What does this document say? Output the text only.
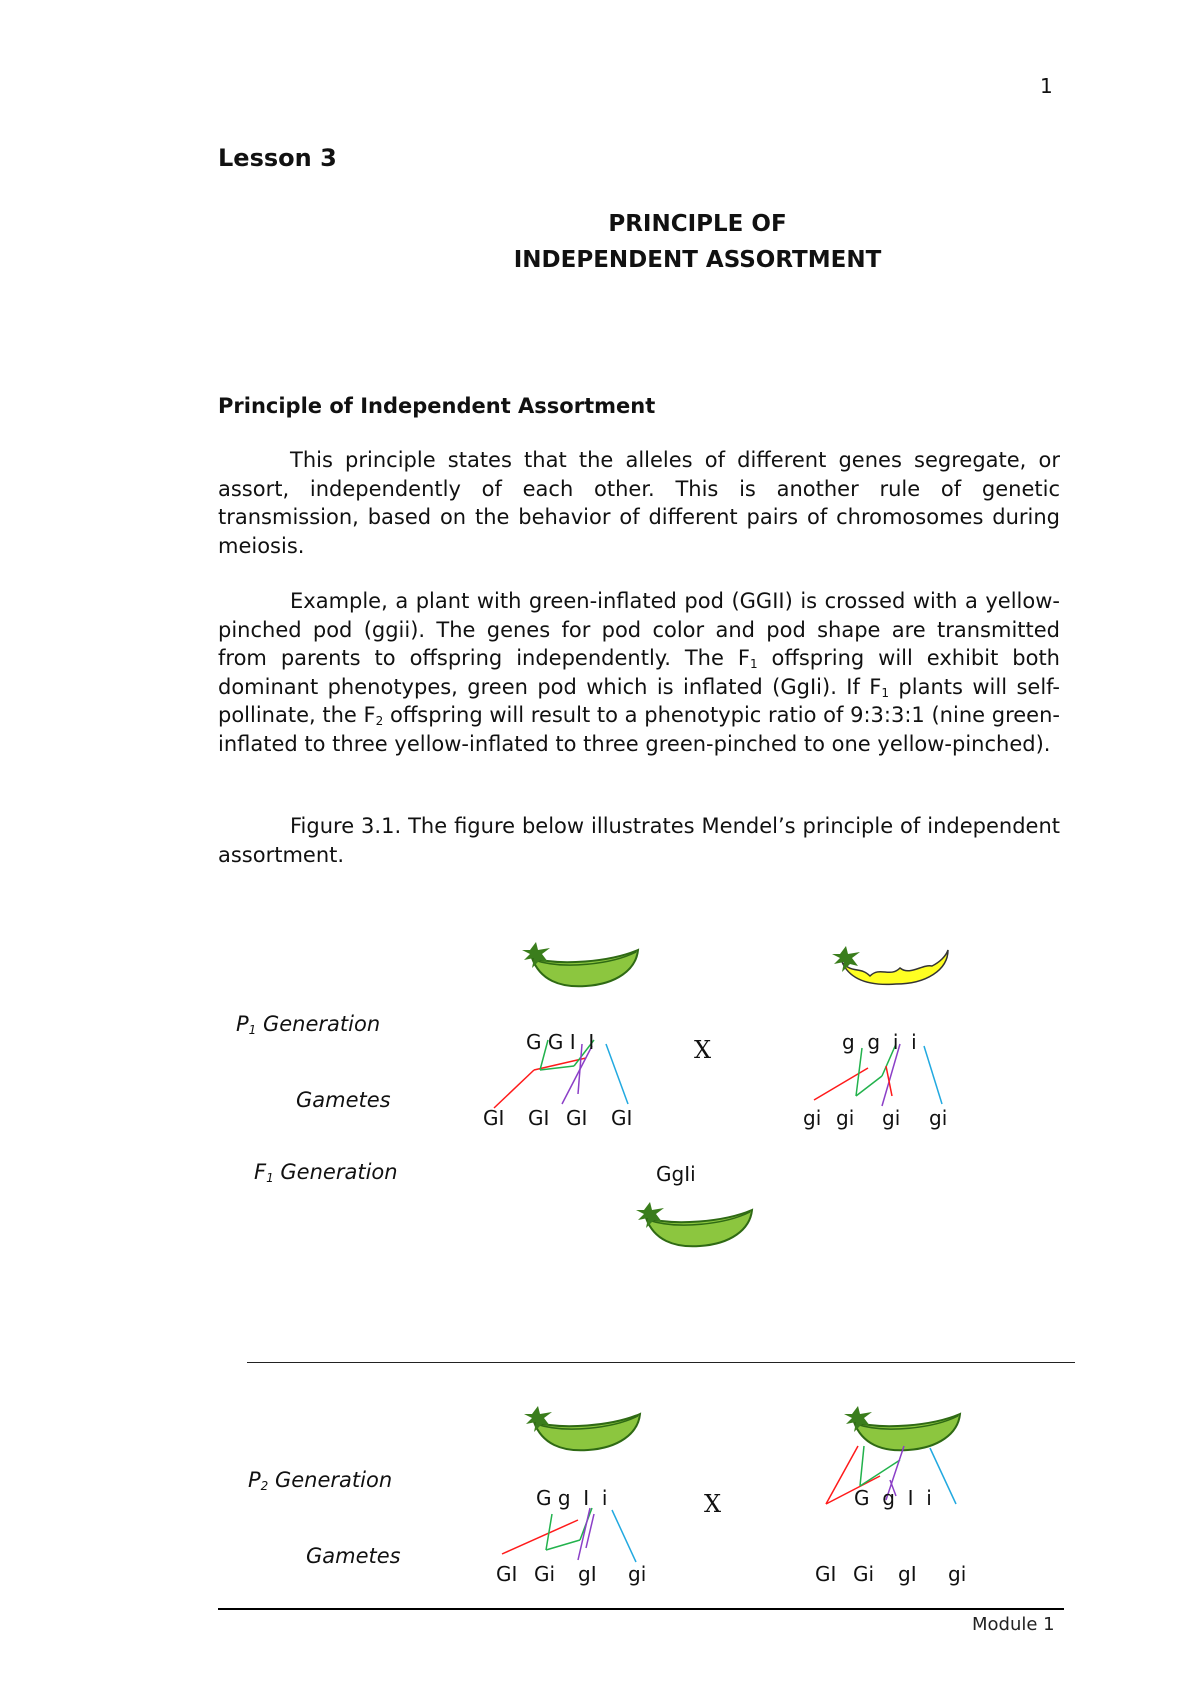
1
Lesson 3
PRINCIPLE OF
INDEPENDENT ASSORTMENT
Principle of Independent Assortment

This principle states that the alleles of different genes segregate, or assort, independently of each other. This is another rule of genetic transmission, based on the behavior of different pairs of chromosomes during meiosis.

Example, a plant with green-inflated pod (GGII) is crossed with a yellow-pinched pod (ggii). The genes for pod color and pod shape are transmitted from parents to offspring independently. The $F_1$ offspring will exhibit both dominant phenotypes, green pod which is inflated (GgIi). If $F_1$ plants will self-pollinate, the $F_2$ offspring will result to a phenotypic ratio of 9:3:3:1 (nine green-inflated to three yellow-inflated to three green-pinched to one yellow-pinched).

Figure 3.1. The figure below illustrates Mendel’s principle of independent assortment.

$P_1$ Generation
Gametes
$F_1$ Generation
G G I  I	X	g  g  i  i
GI GI GI GI	gi gi gi gi
GgIi
$P_2$ Generation
Gametes
G g  I  i	X	G  g  I  i
GI Gi gI gi	GI Gi gI gi
Module 1
